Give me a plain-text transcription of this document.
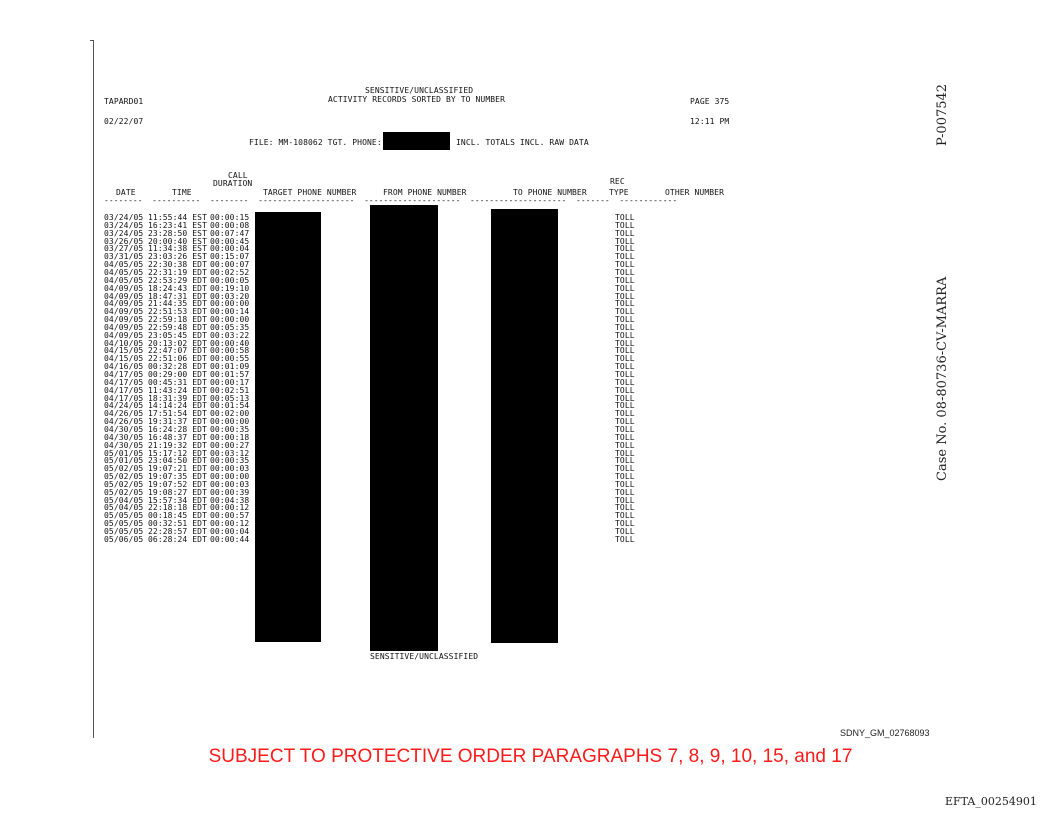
SENSITIVE/UNCLASSIFIED
TAPARD01	ACTIVITY RECORDS SORTED BY TO NUMBER	PAGE 375
02/22/07	12:11 PM
FILE: MM-108062 TGT. PHONE:	INCL. TOTALS INCL. RAW DATA
CALL
DURATION	REC
DATE	TIME	TARGET PHONE NUMBER	FROM PHONE NUMBER	TO PHONE NUMBER	TYPE	OTHER NUMBER
--------  ----------  --------  --------------------  --------------------  --------------------  -------  ------------
03/24/05 11:55:44 EST 00:00:15	TOLL
03/24/05 16:23:41 EST 00:00:08	TOLL
03/24/05 23:28:50 EST 00:07:47	TOLL
03/26/05 20:00:40 EST 00:00:45	TOLL
03/27/05 11:34:38 EST 00:00:04	TOLL
03/31/05 23:03:26 EST 00:15:07	TOLL
04/05/05 22:30:38 EDT 00:00:07	TOLL
04/05/05 22:31:19 EDT 00:02:52	TOLL
04/05/05 22:53:29 EDT 00:00:05	TOLL
04/09/05 18:24:43 EDT 00:19:10	TOLL
04/09/05 18:47:31 EDT 00:03:20	TOLL
04/09/05 21:44:35 EDT 00:00:00	TOLL
04/09/05 22:51:53 EDT 00:00:14	TOLL
04/09/05 22:59:18 EDT 00:00:00	TOLL
04/09/05 22:59:48 EDT 00:05:35	TOLL
04/09/05 23:05:45 EDT 00:03:22	TOLL
04/10/05 20:13:02 EDT 00:00:40	TOLL
04/15/05 22:47:07 EDT 00:00:58	TOLL
04/15/05 22:51:06 EDT 00:00:55	TOLL
04/16/05 00:32:28 EDT 00:01:09	TOLL
04/17/05 00:29:00 EDT 00:01:57	TOLL
04/17/05 00:45:31 EDT 00:00:17	TOLL
04/17/05 11:43:24 EDT 00:02:51	TOLL
04/17/05 18:31:39 EDT 00:05:13	TOLL
04/24/05 14:14:24 EDT 00:01:54	TOLL
04/26/05 17:51:54 EDT 00:02:00	TOLL
04/26/05 19:31:37 EDT 00:00:00	TOLL
04/30/05 16:24:28 EDT 00:00:35	TOLL
04/30/05 16:48:37 EDT 00:00:18	TOLL
04/30/05 21:19:32 EDT 00:00:27	TOLL
05/01/05 15:17:12 EDT 00:03:12	TOLL
05/01/05 23:04:50 EDT 00:00:35	TOLL
05/02/05 19:07:21 EDT 00:00:03	TOLL
05/02/05 19:07:35 EDT 00:00:00	TOLL
05/02/05 19:07:52 EDT 00:00:03	TOLL
05/02/05 19:08:27 EDT 00:00:39	TOLL
05/04/05 15:57:34 EDT 00:04:38	TOLL
05/04/05 22:18:18 EDT 00:00:12	TOLL
05/05/05 00:18:45 EDT 00:00:57	TOLL
05/05/05 00:32:51 EDT 00:00:12	TOLL
05/05/05 22:28:57 EDT 00:00:04	TOLL
05/06/05 06:28:24 EDT 00:00:44	TOLL
SENSITIVE/UNCLASSIFIED
SDNY_GM_02768093
SUBJECT TO PROTECTIVE ORDER PARAGRAPHS 7, 8, 9, 10, 15, and 17
EFTA_00254901
P-007542
Case No. 08-80736-CV-MARRA
